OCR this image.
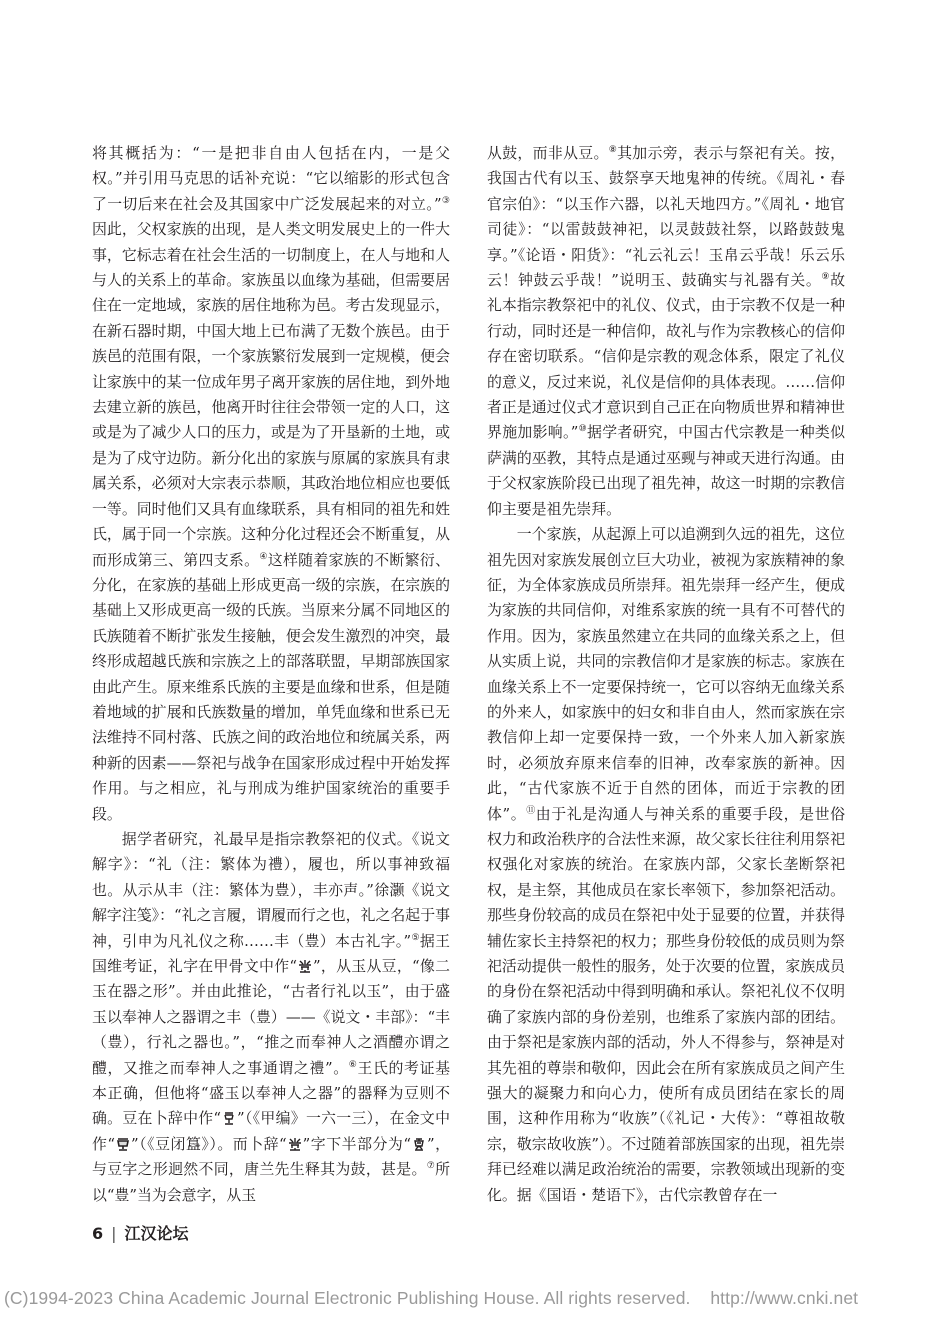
将其概括为：“一是把非自由人包括在内，一是父权。”并引用马克思的话补充说：“它以缩影的形式包含了一切后来在社会及其国家中广泛发展起来的对立。”③因此，父权家族的出现，是人类文明发展史上的一件大事，它标志着在社会生活的一切制度上，在人与地和人与人的关系上的革命。家族虽以血缘为基础，但需要居住在一定地域，家族的居住地称为邑。考古发现显示，在新石器时期，中国大地上已布满了无数个族邑。由于族邑的范围有限，一个家族繁衍发展到一定规模，便会让家族中的某一位成年男子离开家族的居住地，到外地去建立新的族邑，他离开时往往会带领一定的人口，这或是为了减少人口的压力，或是为了开垦新的土地，或是为了戍守边防。新分化出的家族与原属的家族具有隶属关系，必须对大宗表示恭顺，其政治地位相应也要低一等。同时他们又具有血缘联系，具有相同的祖先和姓氏，属于同一个宗族。这种分化过程还会不断重复，从而形成第三、第四支系。④这样随着家族的不断繁衍、分化，在家族的基础上形成更高一级的宗族，在宗族的基础上又形成更高一级的氏族。当原来分属不同地区的氏族随着不断扩张发生接触，便会发生激烈的冲突，最终形成超越氏族和宗族之上的部落联盟，早期部族国家由此产生。原来维系氏族的主要是血缘和世系，但是随着地域的扩展和氏族数量的增加，单凭血缘和世系已无法维持不同村落、氏族之间的政治地位和统属关系，两种新的因素——祭祀与战争在国家形成过程中开始发挥作用。与之相应，礼与刑成为维护国家统治的重要手段。

据学者研究，礼最早是指宗教祭祀的仪式。《说文解字》：“礼（注：繁体为禮），履也，所以事神致福也。从示从丰（注：繁体为豊），丰亦声。”徐灏《说文解字注笺》：“礼之言履，谓履而行之也，礼之名起于事神，引申为凡礼仪之称……丰（豊）本古礼字。”⑤据王国维考证，礼字在甲骨文中作“ ”，从玉从豆，“像二玉在器之形”。并由此推论，“古者行礼以玉”，由于盛玉以奉神人之器谓之丰（豊）——《说文・丰部》：“丰（豊），行礼之器也。”，“推之而奉神人之酒醴亦谓之醴，又推之而奉神人之事通谓之禮”。⑥王氏的考证基本正确，但他将“盛玉以奉神人之器”的器释为豆则不确。豆在卜辞中作“ ”（《甲编》一六一三），在金文中作“ ”（《豆闭簋》）。而卜辞“ ”字下半部分为“ ”，与豆字之形迥然不同，唐兰先生释其为鼓，甚是。⑦所以“豊”当为会意字，从玉

从鼓，而非从豆。⑧其加示旁，表示与祭祀有关。按，我国古代有以玉、鼓祭享天地鬼神的传统。《周礼・春官宗伯》：“以玉作六器，以礼天地四方。”《周礼・地官司徒》：“以雷鼓鼓神祀，以灵鼓鼓社祭，以路鼓鼓鬼享。”《论语・阳货》：“礼云礼云！玉帛云乎哉！乐云乐云！钟鼓云乎哉！”说明玉、鼓确实与礼器有关。⑨故礼本指宗教祭祀中的礼仪、仪式，由于宗教不仅是一种行动，同时还是一种信仰，故礼与作为宗教核心的信仰存在密切联系。“信仰是宗教的观念体系，限定了礼仪的意义，反过来说，礼仪是信仰的具体表现。……信仰者正是通过仪式才意识到自己正在向物质世界和精神世界施加影响。”⑩据学者研究，中国古代宗教是一种类似萨满的巫教，其特点是通过巫觋与神或天进行沟通。由于父权家族阶段已出现了祖先神，故这一时期的宗教信仰主要是祖先崇拜。

一个家族，从起源上可以追溯到久远的祖先，这位祖先因对家族发展创立巨大功业，被视为家族精神的象征，为全体家族成员所崇拜。祖先崇拜一经产生，便成为家族的共同信仰，对维系家族的统一具有不可替代的作用。因为，家族虽然建立在共同的血缘关系之上，但从实质上说，共同的宗教信仰才是家族的标志。家族在血缘关系上不一定要保持统一，它可以容纳无血缘关系的外来人，如家族中的妇女和非自由人，然而家族在宗教信仰上却一定要保持一致，一个外来人加入新家族时，必须放弃原来信奉的旧神，改奉家族的新神。因此，“古代家族不近于自然的团体，而近于宗教的团体”。⑪由于礼是沟通人与神关系的重要手段，是世俗权力和政治秩序的合法性来源，故父家长往往利用祭祀权强化对家族的统治。在家族内部，父家长垄断祭祀权，是主祭，其他成员在家长率领下，参加祭祀活动。那些身份较高的成员在祭祀中处于显要的位置，并获得辅佐家长主持祭祀的权力；那些身份较低的成员则为祭祀活动提供一般性的服务，处于次要的位置，家族成员的身份在祭祀活动中得到明确和承认。祭祀礼仪不仅明确了家族内部的身份差别，也维系了家族内部的团结。由于祭祀是家族内部的活动，外人不得参与，祭神是对其先祖的尊崇和敬仰，因此会在所有家族成员之间产生强大的凝聚力和向心力，使所有成员团结在家长的周围，这种作用称为“收族”（《礼记・大传》：“尊祖故敬宗，敬宗故收族”）。不过随着部族国家的出现，祖先崇拜已经难以满足政治统治的需要，宗教领域出现新的变化。据《国语・楚语下》，古代宗教曾存在一

6 | 江汉论坛
(C)1994-2023 China Academic Journal Electronic Publishing House. All rights reserved.    http://www.cnki.net
